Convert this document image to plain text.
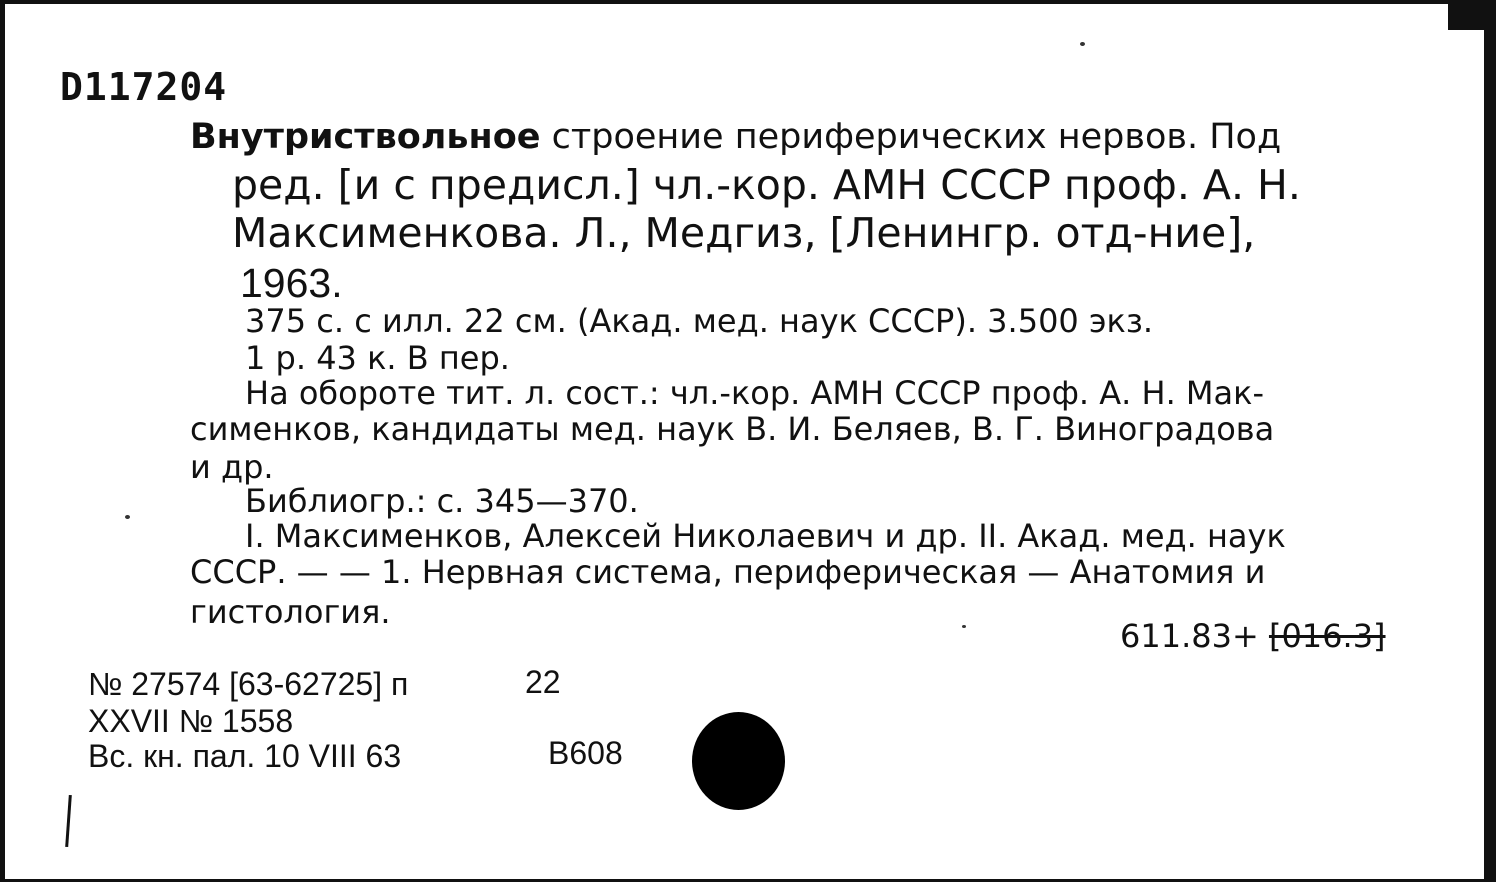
D117204
Внутриствольное строение периферических нервов. Под
ред. [и с предисл.] чл.-кор. АМН СССР проф. А. Н.
Максименкова. Л., Медгиз, [Ленингр. отд-ние],
1963.
375 с. с илл. 22 см. (Акад. мед. наук СССР). 3.500 экз.
1 р. 43 к. В пер.
На обороте тит. л. сост.: чл.-кор. АМН СССР проф. А. Н. Мак-
сименков, кандидаты мед. наук В. И. Беляев, В. Г. Виноградова
и др.
Библиогр.: с. 345—370.
I. Максименков, Алексей Николаевич и др. II. Акад. мед. наук
СССР. — — 1. Нервная система, периферическая — Анатомия и
гистология.
611.83+ [016.3]
№ 27574 [63-62725] п	22
XXVII № 1558
Вс. кн. пал. 10 VIII 63	В608
